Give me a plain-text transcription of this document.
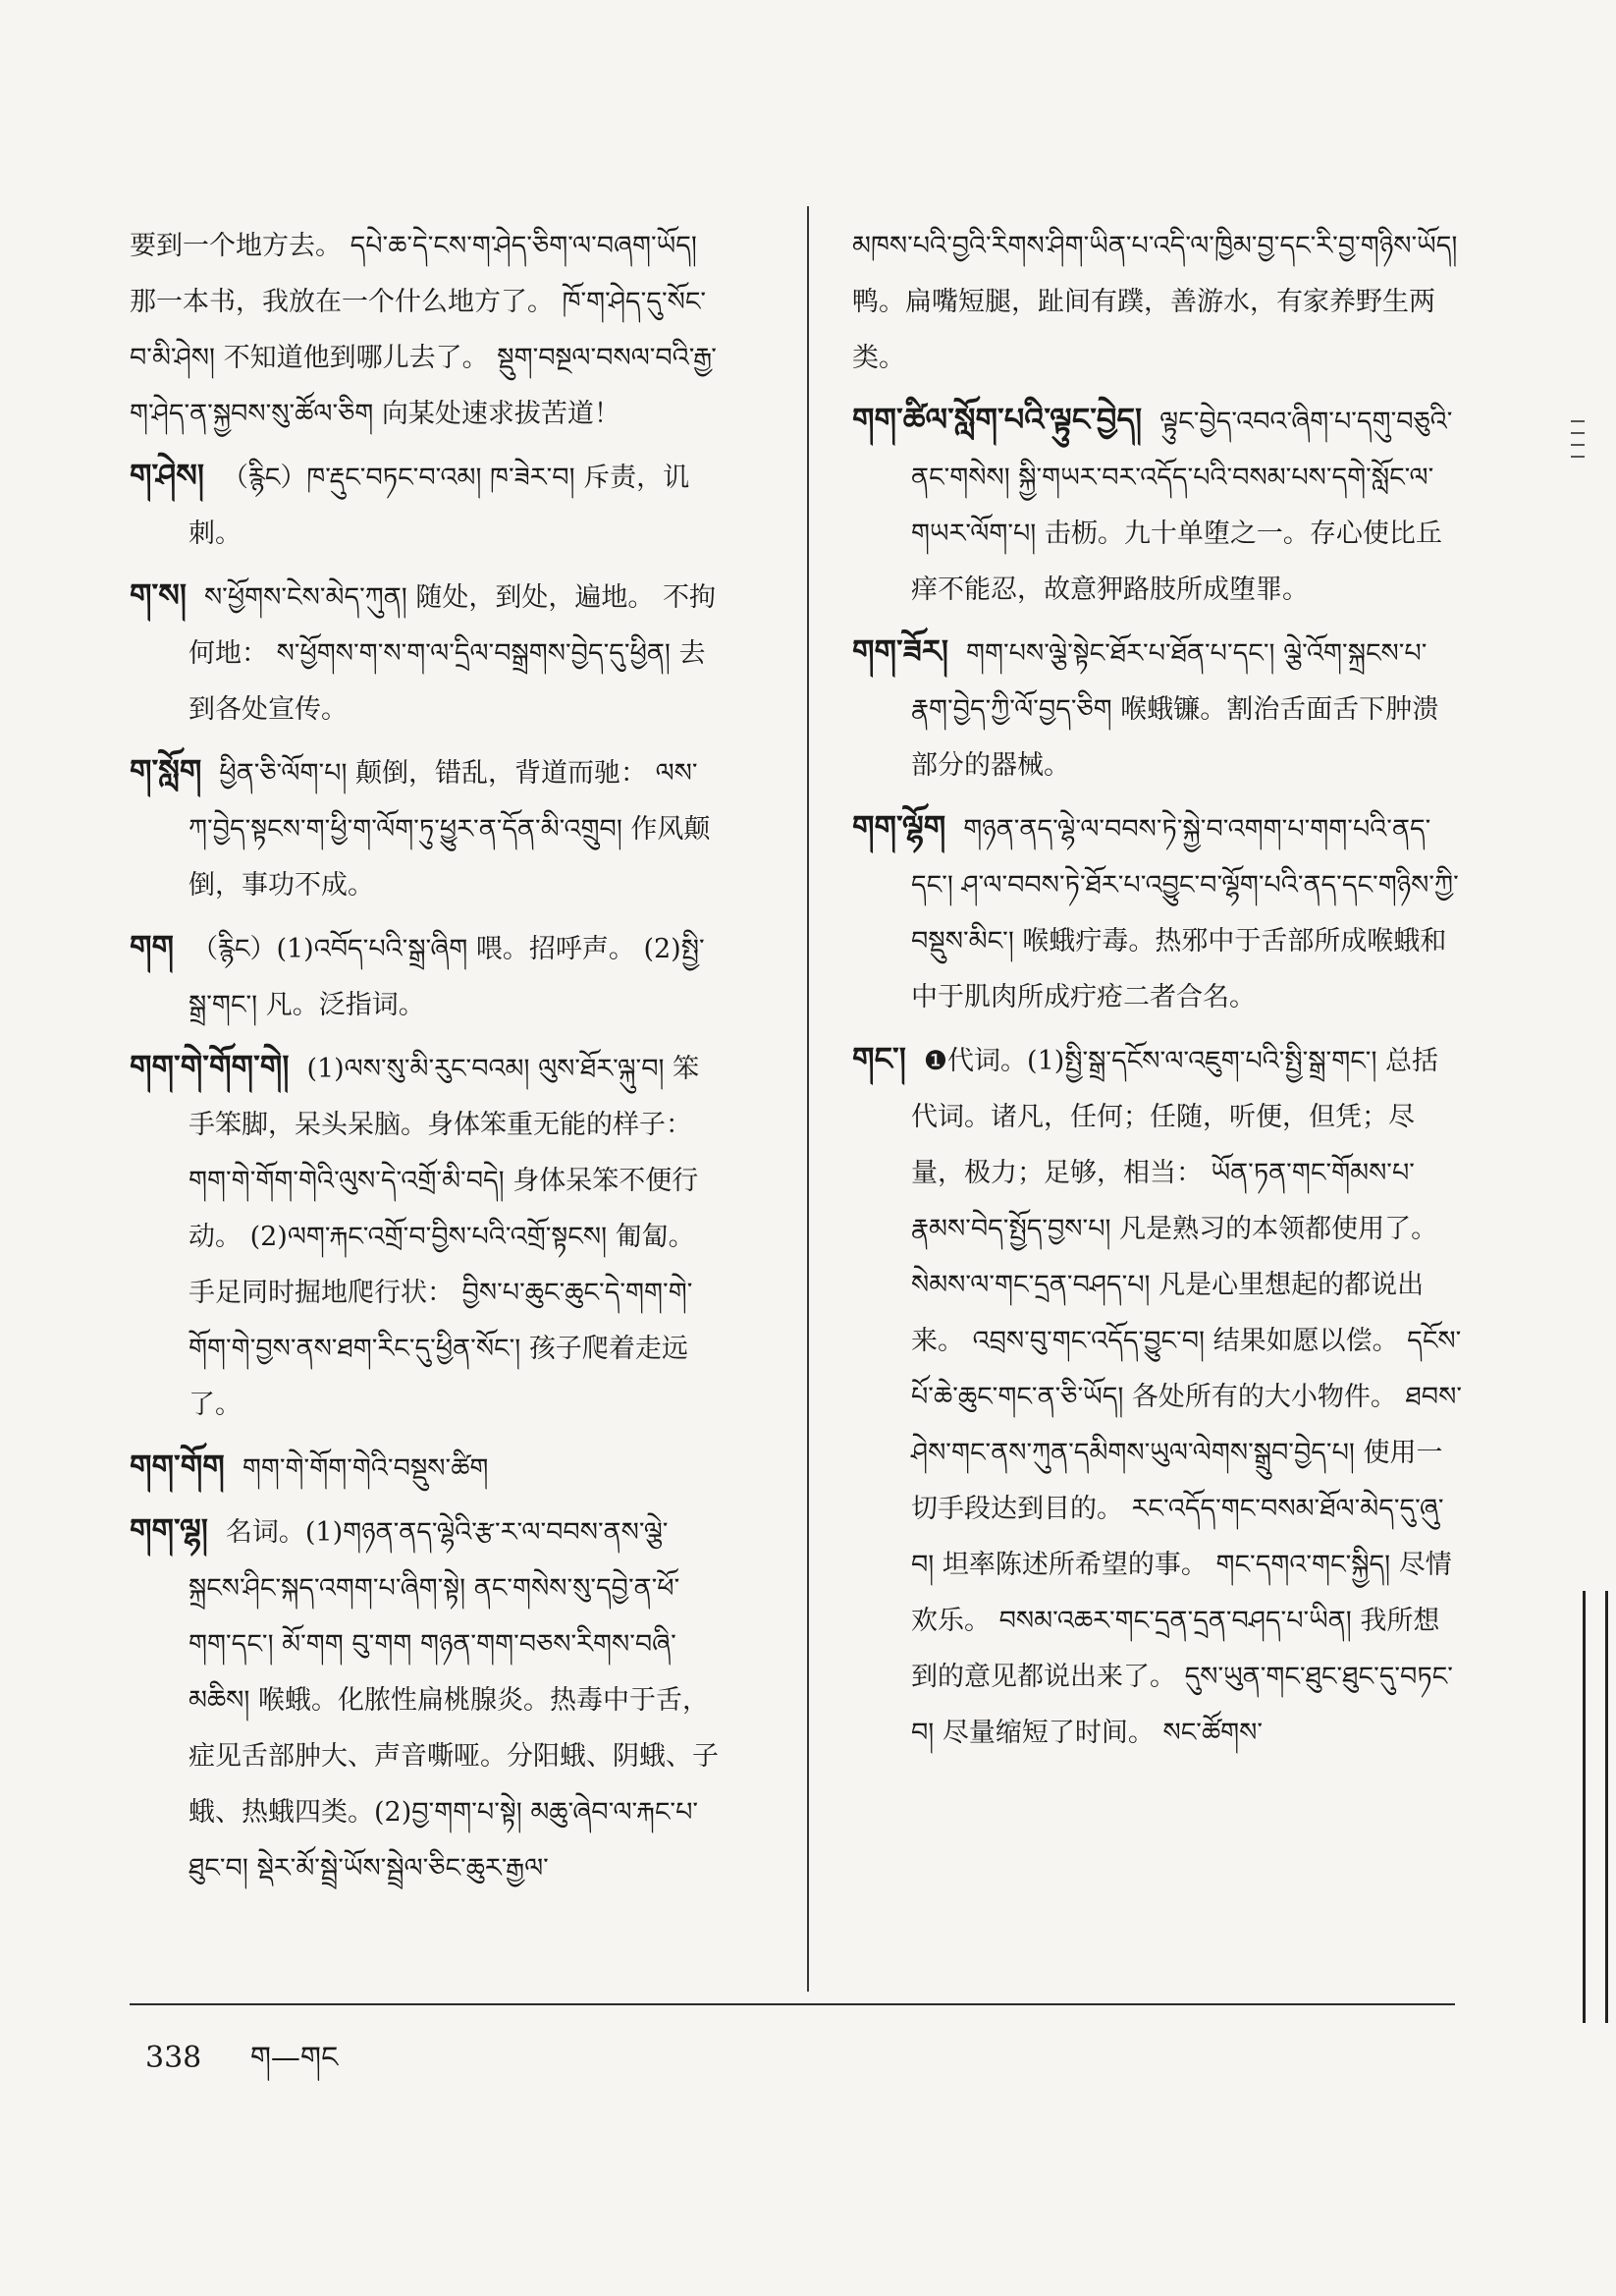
要到一个地方去。 དཔེ་ཆ་དེ་ངས་ག་ཤེད་ཅིག་ལ་བཞག་ཡོད། 那一本书，我放在一个什么地方了。 ཁོ་ག་ཤེད་དུ་སོང་བ་མི་ཤེས། 不知道他到哪儿去了。 སྡུག་བསྔལ་བསལ་བའི་རྒྱ་ག་ཤེད་ན་སྐྱབས་སུ་ཚོལ་ཅིག 向某处速求拔苦道！
ག་ཤེས། （རྙིང）ཁ་རྡུང་བཏང་བ་འམ། ཁ་ཟེར་བ། 斥责，讥刺。
ག་ས། ས་ཕྱོགས་ངེས་མེད་ཀུན། 随处，到处，遍地。 不拘何地： ས་ཕྱོགས་ག་ས་ག་ལ་དྲིལ་བསྒྲགས་བྱེད་དུ་ཕྱིན། 去到各处宣传。
ག་སློག ཕྱིན་ཅི་ལོག་པ། 颠倒，错乱，背道而驰： ལས་ཀ་བྱེད་སྟངས་ག་ཕྱི་ག་ལོག་ཏུ་ཕྱུར་ན་དོན་མི་འགྲུབ། 作风颠倒，事功不成。
གག （རྙིང）(1)འབོད་པའི་སྒྲ་ཞིག 喂。招呼声。 (2)སྤྱི་སྒྲ་གང་། 凡。泛指词。
གག་གེ་གོག་གེ། (1)ལས་སུ་མི་རུང་བའམ། ལུས་ཐོར་ལྐུ་བ། 笨手笨脚，呆头呆脑。身体笨重无能的样子： གག་གེ་གོག་གེའི་ལུས་དེ་འགྲོ་མི་བདེ། 身体呆笨不便行动。 (2)ལག་རྐང་འགྲོ་བ་བྱིས་པའི་འགྲོ་སྟངས། 匍匐。手足同时掘地爬行状： བྱིས་པ་ཆུང་ཆུང་དེ་གག་གེ་གོག་གེ་བྱས་ནས་ཐག་རིང་དུ་ཕྱིན་སོང་། 孩子爬着走远了。
གག་གོག གག་གེ་གོག་གེའི་བསྡུས་ཚིག
གག་ལྷ། 名词。(1)གཉན་ནད་ལྷེའི་རྩ་ར་ལ་བབས་ནས་ལྕེ་སྐྲངས་ཤིང་སྐད་འགག་པ་ཞིག་སྟེ། ནང་གསེས་སུ་དབྱེ་ན་ཕོ་གག་དང་། མོ་གག བུ་གག གཉན་གག་བཅས་རིགས་བཞི་མཆིས། 喉蛾。化脓性扁桃腺炎。热毒中于舌，症见舌部肿大、声音嘶哑。分阳蛾、阴蛾、子蛾、热蛾四类。(2)བྱ་གག་པ་སྟེ། མཆུ་ཞེབ་ལ་རྐང་པ་ཐུང་བ། སྡེར་མོ་སྦྲེ་ཡོས་སྦྲེལ་ཅིང་ཆུར་རྒྱལ་
མཁས་པའི་བྱའི་རིགས་ཤིག་ཡིན་པ་འདི་ལ་ཁྱིམ་བྱ་དང་རི་བྱ་གཉིས་ཡོད། 鸭。扁嘴短腿，趾间有蹼，善游水，有家养野生两类。
གག་ཚིལ་སློག་པའི་ལྟུང་བྱེད། ལྟུང་བྱེད་འབའ་ཞིག་པ་དགུ་བཅུའི་ནང་གསེས། སྐྱི་གཡར་བར་འདོད་པའི་བསམ་པས་དགེ་སློང་ལ་གཡར་ལོག་པ། 击枥。九十单堕之一。存心使比丘痒不能忍，故意狎路肢所成堕罪。
གག་ཟོར། གག་པས་ལྕེ་སྟེང་ཐོར་པ་ཐོན་པ་དང་། ལྕེ་འོག་སྐྲངས་པ་རྣག་བྱེད་ཀྱི་ལོ་བྱད་ཅིག 喉蛾镰。割治舌面舌下肿溃部分的器械。
གག་ལྷོག གཉན་ནད་ལྷེ་ལ་བབས་ཏེ་སྐྱེ་བ་འགག་པ་གག་པའི་ནད་དང་། ཤ་ལ་བབས་ཏེ་ཐོར་པ་འབྱུང་བ་ལྷོག་པའི་ནད་དང་གཉིས་ཀྱི་བསྡུས་མིང་། 喉蛾疔毒。热邪中于舌部所成喉蛾和中于肌肉所成疔疮二者合名。
གང་། ❶代词。(1)སྤྱི་སྒྲ་དངོས་ལ་འཇུག་པའི་སྤྱི་སྒྲ་གང་། 总括代词。诸凡，任何；任随，听便，但凭；尽量，极力；足够，相当： ཡོན་ཏན་གང་གོམས་པ་རྣམས་བེད་སྤྱོད་བྱས་པ། 凡是熟习的本领都使用了。 སེམས་ལ་གང་དྲན་བཤད་པ། 凡是心里想起的都说出来。 འབྲས་བུ་གང་འདོད་བྱུང་བ། 结果如愿以偿。 དངོས་པོ་ཆེ་ཆུང་གང་ན་ཅི་ཡོད། 各处所有的大小物件。 ཐབས་ཤེས་གང་ནས་ཀུན་དམིགས་ཡུལ་ལེགས་སྒྲུབ་བྱེད་པ། 使用一切手段达到目的。 རང་འདོད་གང་བསམ་ཐོལ་མེད་དུ་ཞུ་བ། 坦率陈述所希望的事。 གང་དགའ་གང་སྐྱིད། 尽情欢乐。 བསམ་འཆར་གང་དྲན་དྲན་བཤད་པ་ཡིན། 我所想到的意见都说出来了。 དུས་ཡུན་གང་ཐུང་ཐུང་དུ་བཏང་བ། 尽量缩短了时间。 སང་ཚོགས་
338 ག—གང
